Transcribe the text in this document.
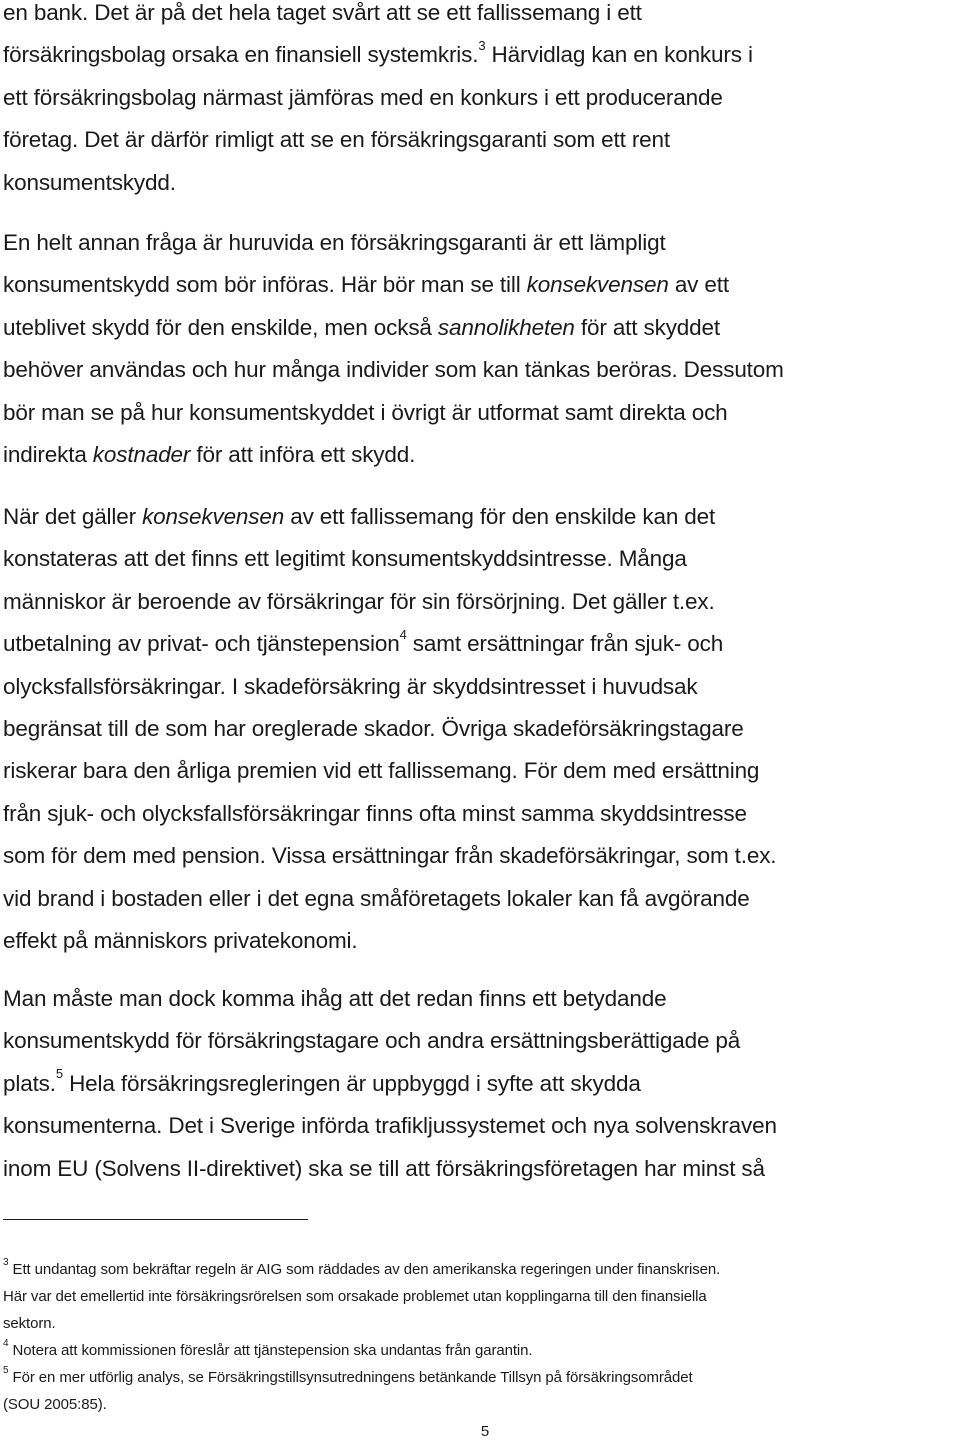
en bank. Det är på det hela taget svårt att se ett fallissemang i ett
försäkringsbolag orsaka en finansiell systemkris.$^3$ Härvidlag kan en konkurs i
ett försäkringsbolag närmast jämföras med en konkurs i ett producerande
företag. Det är därför rimligt att se en försäkringsgaranti som ett rent
konsumentskydd.
En helt annan fråga är huruvida en försäkringsgaranti är ett lämpligt
konsumentskydd som bör införas. Här bör man se till konsekvensen av ett
uteblivet skydd för den enskilde, men också sannolikheten för att skyddet
behöver användas och hur många individer som kan tänkas beröras. Dessutom
bör man se på hur konsumentskyddet i övrigt är utformat samt direkta och
indirekta kostnader för att införa ett skydd.
När det gäller konsekvensen av ett fallissemang för den enskilde kan det
konstateras att det finns ett legitimt konsumentskyddsintresse. Många
människor är beroende av försäkringar för sin försörjning. Det gäller t.ex.
utbetalning av privat- och tjänstepension$^4$ samt ersättningar från sjuk- och
olycksfallsförsäkringar. I skadeförsäkring är skyddsintresset i huvudsak
begränsat till de som har oreglerade skador. Övriga skadeförsäkringstagare
riskerar bara den årliga premien vid ett fallissemang. För dem med ersättning
från sjuk- och olycksfallsförsäkringar finns ofta minst samma skyddsintresse
som för dem med pension. Vissa ersättningar från skadeförsäkringar, som t.ex.
vid brand i bostaden eller i det egna småföretagets lokaler kan få avgörande
effekt på människors privatekonomi.
Man måste man dock komma ihåg att det redan finns ett betydande
konsumentskydd för försäkringstagare och andra ersättningsberättigade på
plats.$^5$ Hela försäkringsregleringen är uppbyggd i syfte att skydda
konsumenterna. Det i Sverige införda trafikljussystemet och nya solvenskraven
inom EU (Solvens II-direktivet) ska se till att försäkringsföretagen har minst så
$^3$ Ett undantag som bekräftar regeln är AIG som räddades av den amerikanska regeringen under finanskrisen.
Här var det emellertid inte försäkringsrörelsen som orsakade problemet utan kopplingarna till den finansiella
sektorn.
$^4$ Notera att kommissionen föreslår att tjänstepension ska undantas från garantin.
$^5$ För en mer utförlig analys, se Försäkringstillsynsutredningens betänkande Tillsyn på försäkringsområdet
(SOU 2005:85).
5
